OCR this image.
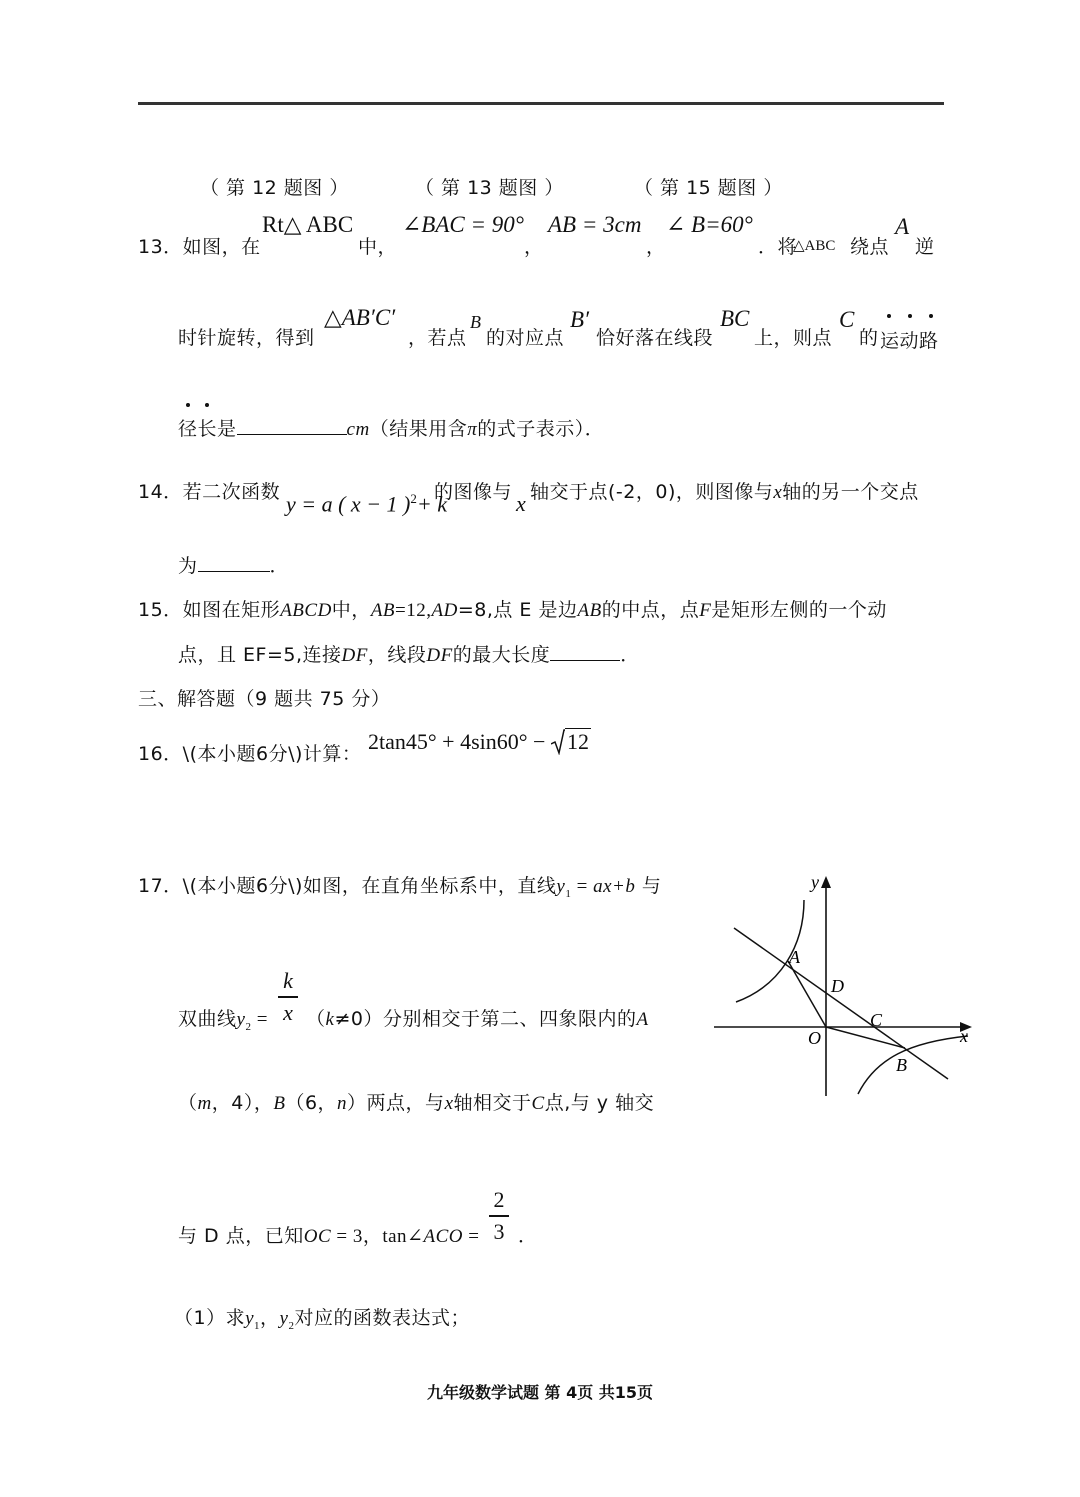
（ 第 12 题图 ）	（ 第 13 题图 ）	（ 第 15 题图 ）
13．如图，在
Rt△ ABC
中，
∠BAC = 90°
，
AB = 3cm
，
∠ B=60°
．将
△ABC 绕点
A
逆
时针旋转，得到
△AB′C′
，若点
B
的对应点
B′
恰好落在线段
BC
上，则点
C
的 运动路
径长是	cm（结果用含π的式子表示）．
14．若二次函数 y = a ( x − 1 )$^2$+ k
的图像与 x 轴交于点(-2，0)，则图像与x轴的另一个交点
为	．
15．如图在矩形ABCD中，AB=12,AD=8,点 E 是边AB的中点，点F是矩形左侧的一个动
点，且 EF=5,连接DF，线段DF的最大长度	．
三、解答题（9 题共 75 分）
16．\(本小题6分\)计算： 2tan45° + 4sin60° − 12
17．\(本小题6分\)如图，在直角坐标系中，直线$y_1 = ax+b$ 与
双曲线$y_2$ =
k
x （k≠0）分别相交于第二、四象限内的A
（m，4），B（6，n）两点，与x轴相交于C点,与 y 轴交
与 D 点，已知OC = 3，tan∠ACO =
2
3 ．
（1）求$y_1$，$y_2$对应的函数表达式；
y
x
A
D
C
O
B
九年级数学试题 第 4页 共15页
